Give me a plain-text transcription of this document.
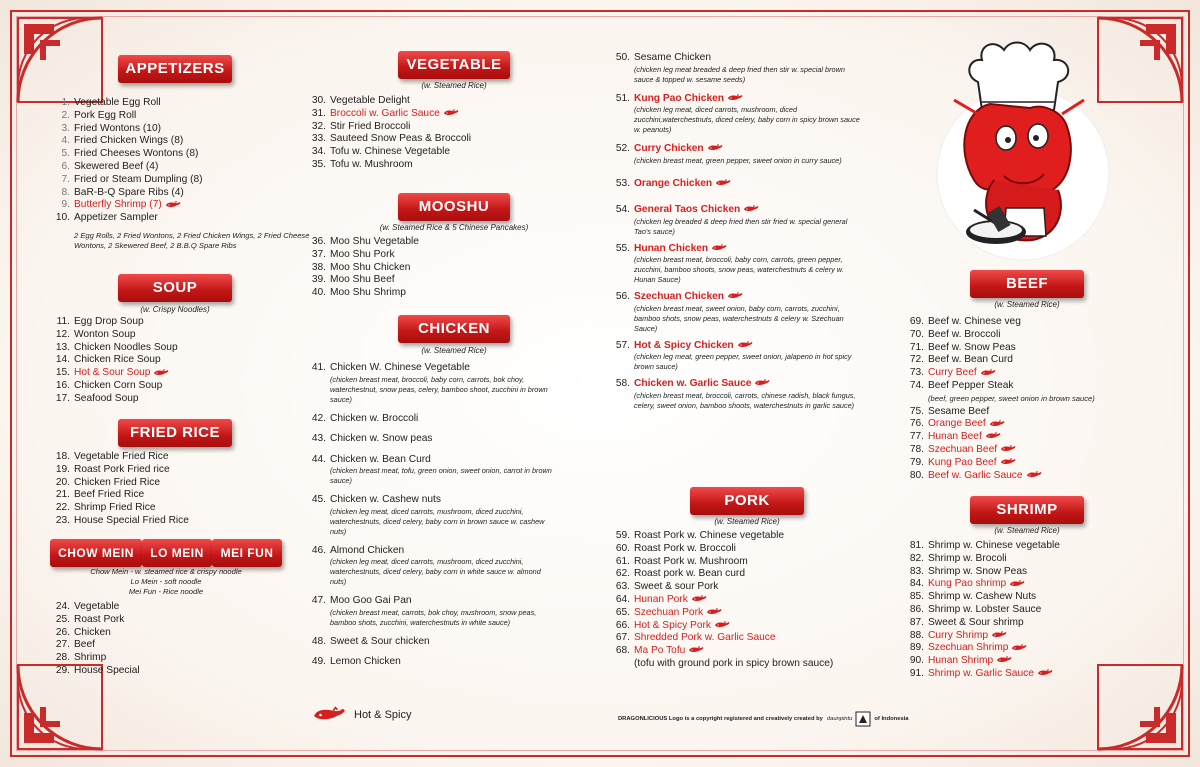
APPETIZERS
1. Vegetable Egg Roll
2. Pork Egg Roll
3. Fried Wontons (10)
4. Fried Chicken Wings (8)
5. Fried Cheeses Wontons (8)
6. Skewered Beef (4)
7. Fried or Steam Dumpling (8)
8. BaR-B-Q Spare Ribs (4)
9. Butterfly Shrimp (7)
10. Appetizer Sampler
2 Egg Rolls, 2 Fried Wontons, 2 Fried Chicken Wings, 2 Fried Cheese Wontons, 2 Skewered Beef, 2 B.B.Q Spare Ribs
SOUP
(w. Crispy Noodles)
11. Egg Drop Soup
12. Wonton Soup
13. Chicken Noodles Soup
14. Chicken Rice Soup
15. Hot & Sour Soup
16. Chicken Corn Soup
17. Seafood Soup
FRIED RICE
18. Vegetable Fried Rice
19. Roast Pork Fried rice
20. Chicken Fried Rice
21. Beef Fried Rice
22. Shrimp Fried Rice
23. House Special Fried Rice
CHOW MEIN	LO MEIN	MEI FUN
Chow Mein - w. steamed rice & crispy noodle
Lo Mein - soft noodle
Mei Fun - Rice noodle
24. Vegetable
25. Roast Pork
26. Chicken
27. Beef
28. Shrimp
29. House Special
VEGETABLE
(w. Steamed Rice)
30. Vegetable Delight
31. Broccoli w. Garlic Sauce
32. Stir Fried Broccoli
33. Sauteed Snow Peas & Broccoli
34. Tofu w. Chinese Vegetable
35. Tofu w. Mushroom
MOOSHU
(w. Steamed Rice & 5 Chinese Pancakes)
36. Moo Shu Vegetable
37. Moo Shu Pork
38. Moo Shu Chicken
39. Moo Shu Beef
40. Moo Shu Shrimp
CHICKEN
(w. Steamed Rice)
41. Chicken W. Chinese Vegetable
(chicken breast meat, broccoli, baby corn, carrots, bok choy, waterchestnut, snow peas, celery, bamboo shoot, zucchini in brown sauce)
42. Chicken w. Broccoli
43. Chicken w. Snow peas
44. Chicken w. Bean Curd
(chicken breast meat, tofu, green onion, sweet onion, carrot in brown sauce)
45. Chicken w. Cashew nuts
(chicken leg meat, diced carrots, mushroom, diced zucchini, waterchestnuts, diced celery, baby corn in brown sauce w. cashew nuts)
46. Almond Chicken
(chicken leg meat, diced carrots, mushroom, diced zucchini, waterchestnuts, diced celery, baby corn in white sauce w. almond nuts)
47. Moo Goo Gai Pan
(chicken breast meat, carrots, bok choy, mushroom, snow peas, bamboo shots, zucchini, waterchestnuts in white sauce)
48. Sweet & Sour chicken
49. Lemon Chicken
Hot & Spicy
50. Sesame Chicken
(chicken leg meat breaded & deep fried then stir w. special brown sauce & topped w. sesame seeds)
51. Kung Pao Chicken
(chicken leg meat, diced carrots, mushroom, diced zucchini,waterchestnuts, diced celery, baby corn in spicy brown sauce w. peanuts)
52. Curry Chicken
(chicken breast meat, green pepper, sweet onion in curry sauce)
53. Orange Chicken
54. General Taos Chicken
(chicken leg breaded & deep fried then stir fried w. special general Tao's sauce)
55. Hunan Chicken
(chicken breast meat, broccoli, baby corn, carrots, green pepper, zucchini, bamboo shoots, snow peas, waterchestnuts & celery w. Hunan Sauce)
56. Szechuan Chicken
(chicken breast meat, sweet onion, baby corn, carrots, zucchini, bamboo shots, snow peas, waterchestnuts & celery w. Szechuan Sauce)
57. Hot & Spicy Chicken
(chicken leg meat, green pepper, sweet onion, jalapeno in hot spicy brown sauce)
58. Chicken w. Garlic Sauce
(chicken breast meat, broccoli, carrots, chinese radish, black fungus, celery, sweet onion, bamboo shoots, waterchestnuts in garlic sauce)
PORK
(w. Steamed Rice)
59. Roast Pork w. Chinese vegetable
60. Roast Pork w. Broccoli
61. Roast Pork w. Mushroom
62. Roast pork w. Bean curd
63. Sweet & sour Pork
64. Hunan Pork
65. Szechuan Pork
66. Hot & Spicy Pork
67. Shredded Pork w. Garlic Sauce
68. Ma Po Tofu
(tofu with ground pork in spicy brown sauce)
DRAGONLICIOUS Logo is a copyright registered and creatively created by daunpintu	of Indonesia
BEEF
(w. Steamed Rice)
69. Beef w. Chinese veg
70. Beef w. Broccoli
71. Beef w. Snow Peas
72. Beef w. Bean Curd
73. Curry Beef
74. Beef Pepper Steak
(beef, green pepper, sweet onion in brown sauce)
75. Sesame Beef
76. Orange Beef
77. Hunan Beef
78. Szechuan Beef
79. Kung Pao Beef
80. Beef w. Garlic Sauce
SHRIMP
(w. Steamed Rice)
81. Shrimp w. Chinese vegetable
82. Shrimp w. Brocoli
83. Shrimp w. Snow Peas
84. Kung Pao shrimp
85. Shrimp w. Cashew Nuts
86. Shrimp w. Lobster Sauce
87. Sweet & Sour shrimp
88. Curry Shrimp
89. Szechuan Shrimp
90. Hunan Shrimp
91. Shrimp w. Garlic Sauce
